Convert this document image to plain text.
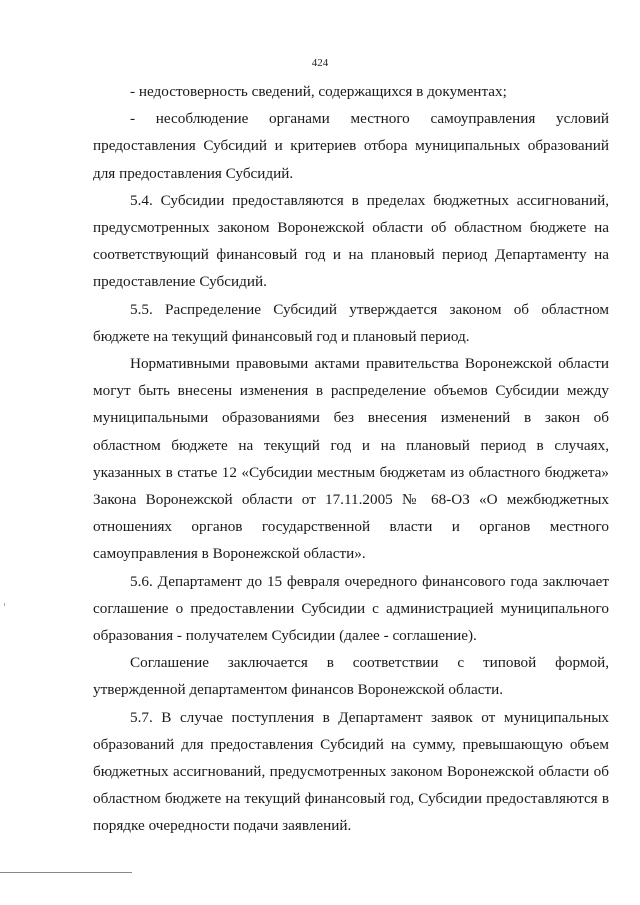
424

- недостоверность сведений, содержащихся в документах;

- несоблюдение органами местного самоуправления условий предоставления Субсидий и критериев отбора муниципальных образований для предоставления Субсидий.

5.4. Субсидии предоставляются в пределах бюджетных ассигнований, предусмотренных законом Воронежской области об областном бюджете на соответствующий финансовый год и на плановый период Департаменту на предоставление Субсидий.

5.5. Распределение Субсидий утверждается законом об областном бюджете на текущий финансовый год и плановый период.

Нормативными правовыми актами правительства Воронежской области могут быть внесены изменения в распределение объемов Субсидии между муниципальными образованиями без внесения изменений в закон об областном бюджете на текущий год и на плановый период в случаях, указанных в статье 12 «Субсидии местным бюджетам из областного бюджета» Закона Воронежской области от 17.11.2005 № 68-ОЗ «О межбюджетных отношениях органов государственной власти и органов местного самоуправления в Воронежской области».

5.6. Департамент до 15 февраля очередного финансового года заключает соглашение о предоставлении Субсидии с администрацией муниципального образования - получателем Субсидии (далее - соглашение).

Соглашение заключается в соответствии с типовой формой, утвержденной департаментом финансов Воронежской области.

5.7. В случае поступления в Департамент заявок от муниципальных образований для предоставления Субсидий на сумму, превышающую объем бюджетных ассигнований, предусмотренных законом Воронежской области об областном бюджете на текущий финансовый год, Субсидии предоставляются в порядке очередности подачи заявлений.
